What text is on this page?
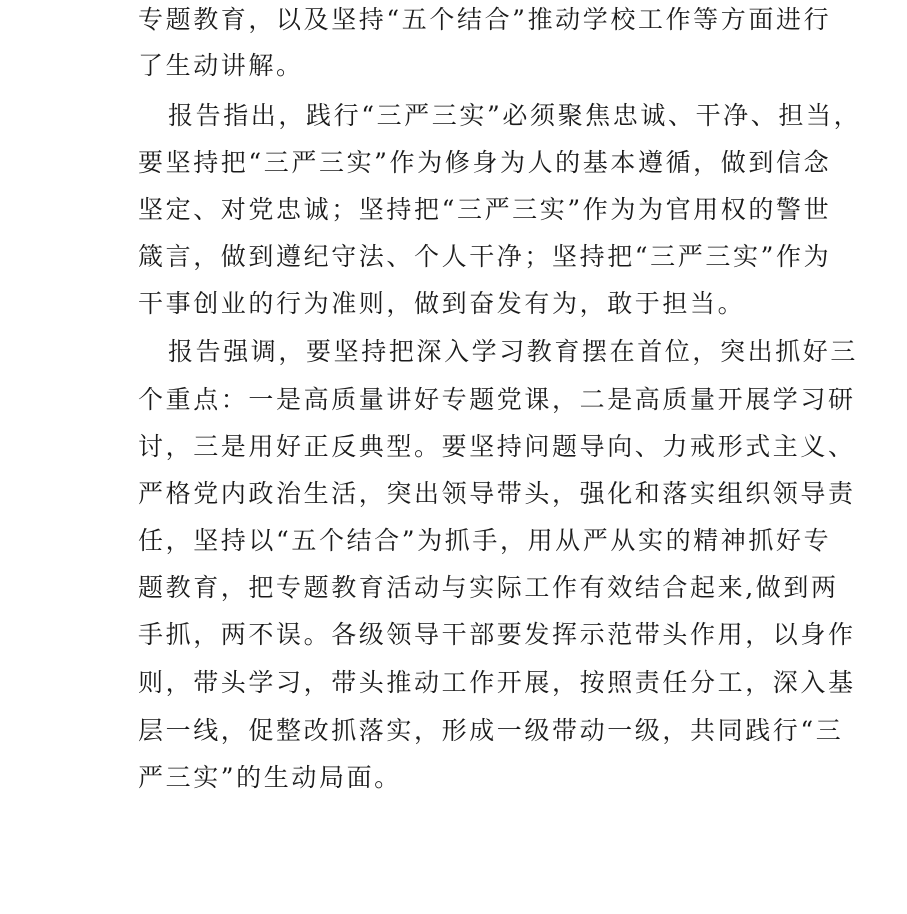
专题教育，以及坚持“五个结合”推动学校工作等方面进行
了生动讲解。
报告指出，践行“三严三实”必须聚焦忠诚、干净、担当，
要坚持把“三严三实”作为修身为人的基本遵循，做到信念
坚定、对党忠诚；坚持把“三严三实”作为为官用权的警世
箴言，做到遵纪守法、个人干净；坚持把“三严三实”作为
干事创业的行为准则，做到奋发有为，敢于担当。
报告强调，要坚持把深入学习教育摆在首位，突出抓好三
个重点：一是高质量讲好专题党课，二是高质量开展学习研
讨，三是用好正反典型。要坚持问题导向、力戒形式主义、
严格党内政治生活，突出领导带头，强化和落实组织领导责
任，坚持以“五个结合”为抓手，用从严从实的精神抓好专
题教育，把专题教育活动与实际工作有效结合起来,做到两
手抓，两不误。各级领导干部要发挥示范带头作用，以身作
则，带头学习，带头推动工作开展，按照责任分工，深入基
层一线，促整改抓落实，形成一级带动一级，共同践行“三
严三实”的生动局面。
